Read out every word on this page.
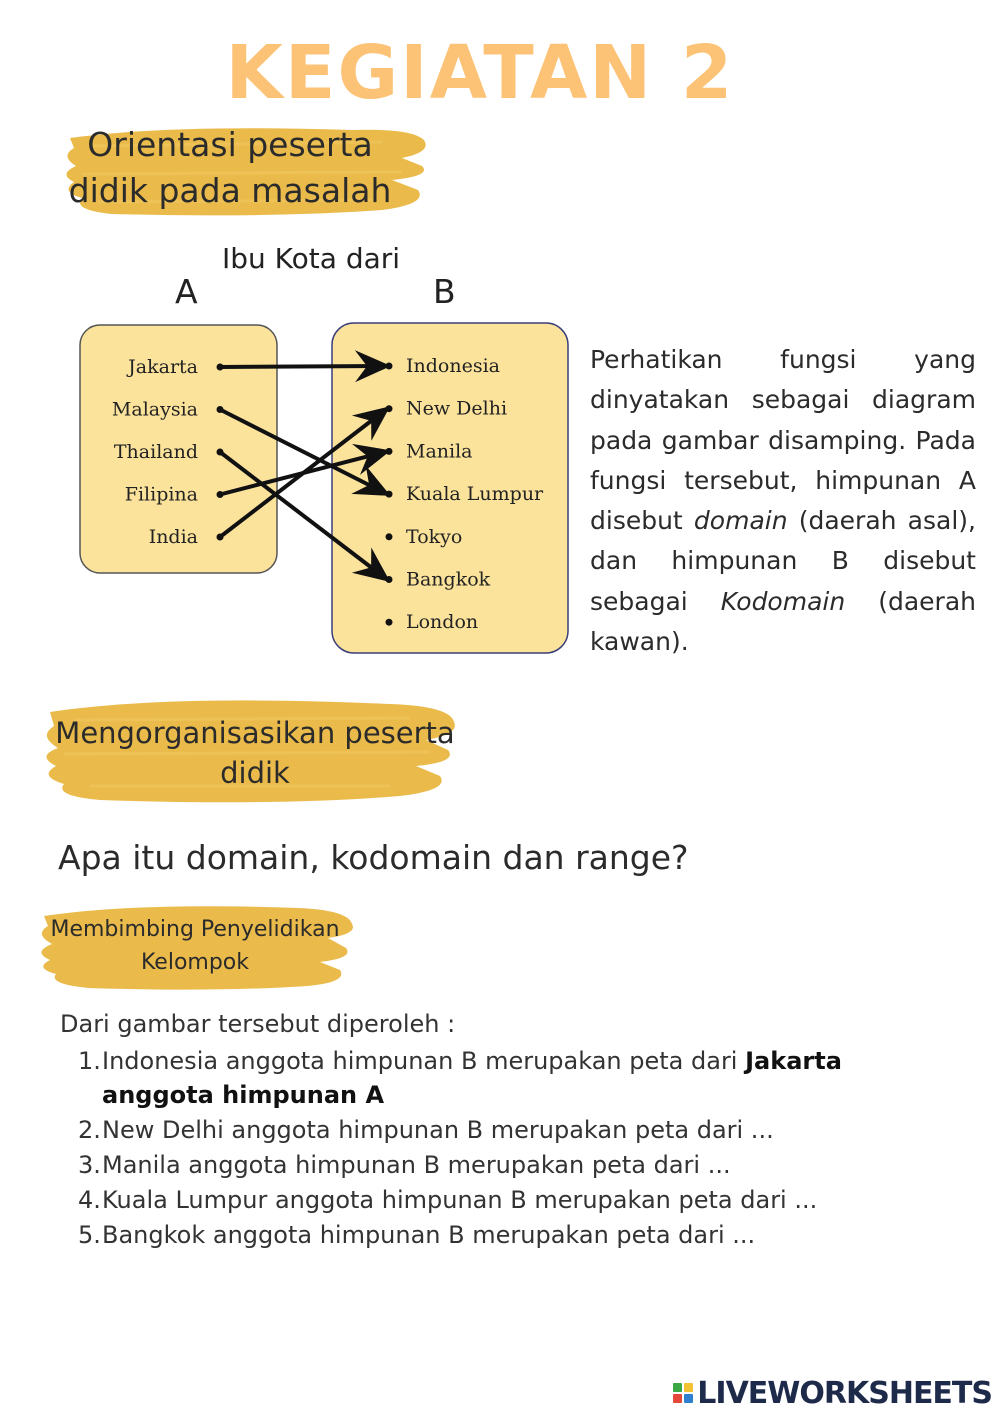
KEGIATAN 2
Orientasi peserta
didik pada masalah
Ibu Kota dari
A	B
Jakarta
Malaysia
Thailand
Filipina
India
Indonesia
New Delhi
Manila
Kuala Lumpur
Tokyo
Bangkok
London
Perhatikan fungsi yang dinyatakan sebagai diagram pada gambar disamping. Pada fungsi tersebut, himpunan A disebut domain (daerah asal), dan himpunan B disebut sebagai Kodomain (daerah kawan).
Mengorganisasikan peserta
didik
Apa itu domain, kodomain dan range?
Membimbing Penyelidikan
Kelompok
Dari gambar tersebut diperoleh :
1. Indonesia anggota himpunan B merupakan peta dari Jakarta anggota himpunan A
2. New Delhi anggota himpunan B merupakan peta dari ...
3. Manila anggota himpunan B merupakan peta dari ...
4. Kuala Lumpur anggota himpunan B merupakan peta dari ...
5. Bangkok anggota himpunan B merupakan peta dari ...
LIVEWORKSHEETS
